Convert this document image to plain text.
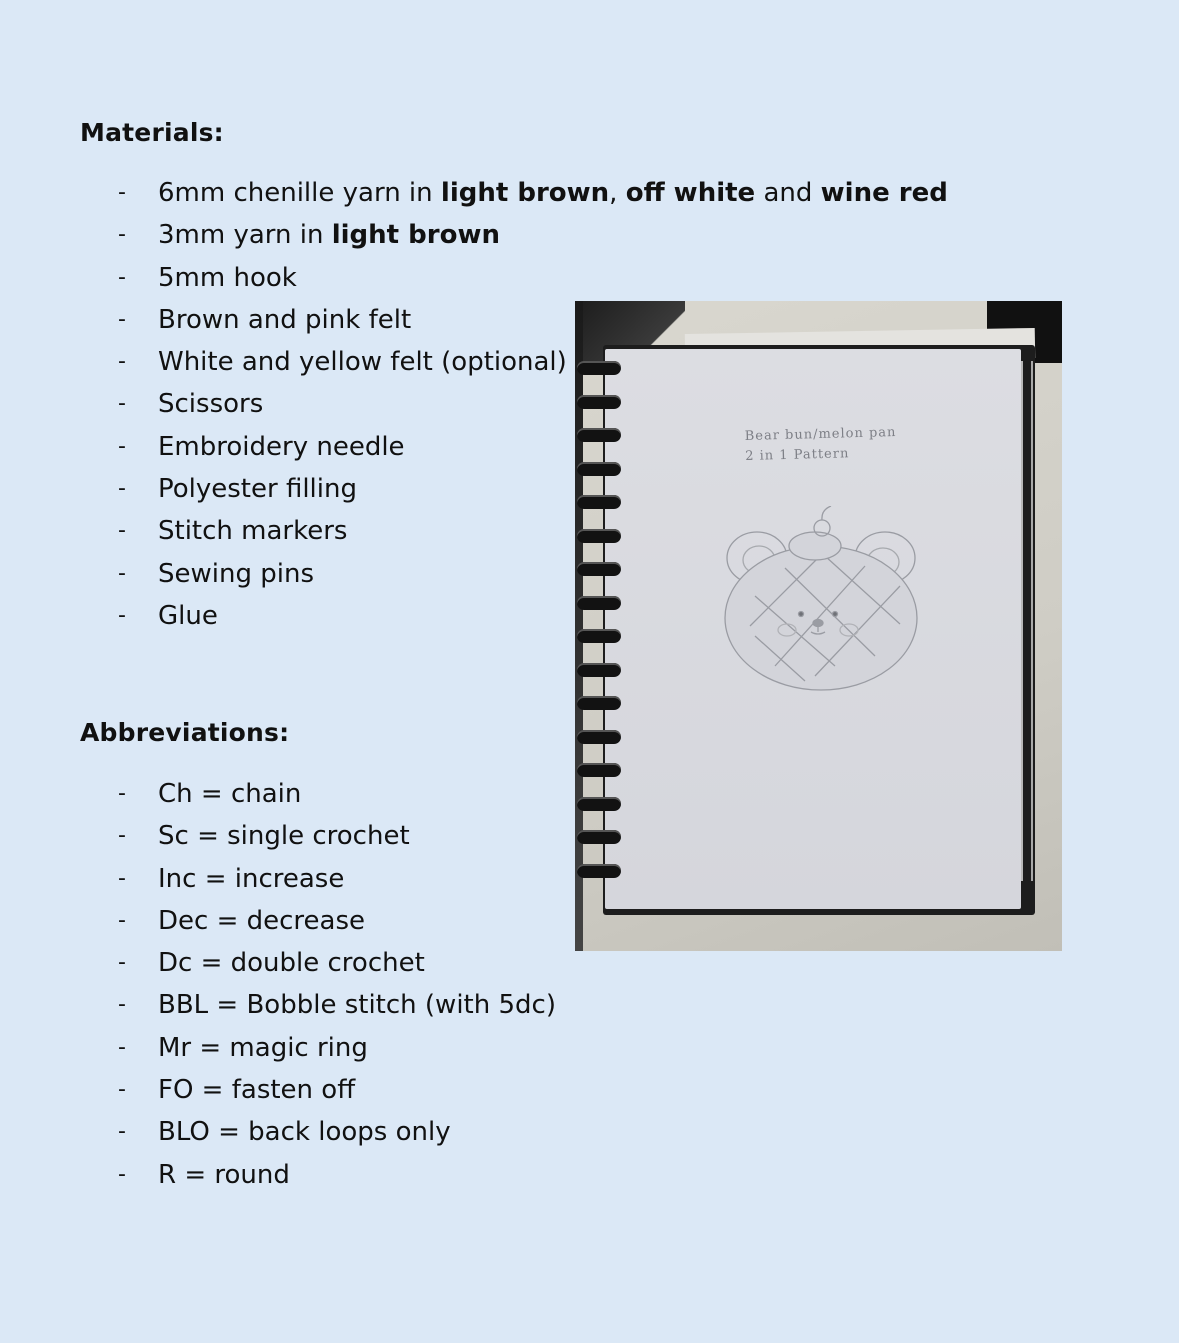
Materials:
- 6mm chenille yarn in light brown, off white and wine red
- 3mm yarn in light brown
- 5mm hook
- Brown and pink felt
- White and yellow felt (optional)
- Scissors
- Embroidery needle
- Polyester filling
- Stitch markers
- Sewing pins
- Glue
Abbreviations:
- Ch = chain
- Sc = single crochet
- Inc = increase
- Dec = decrease
- Dc = double crochet
- BBL = Bobble stitch (with 5dc)
- Mr = magic ring
- FO = fasten off
- BLO = back loops only
- R = round
Bear bun/melon pan
2 in 1 Pattern
